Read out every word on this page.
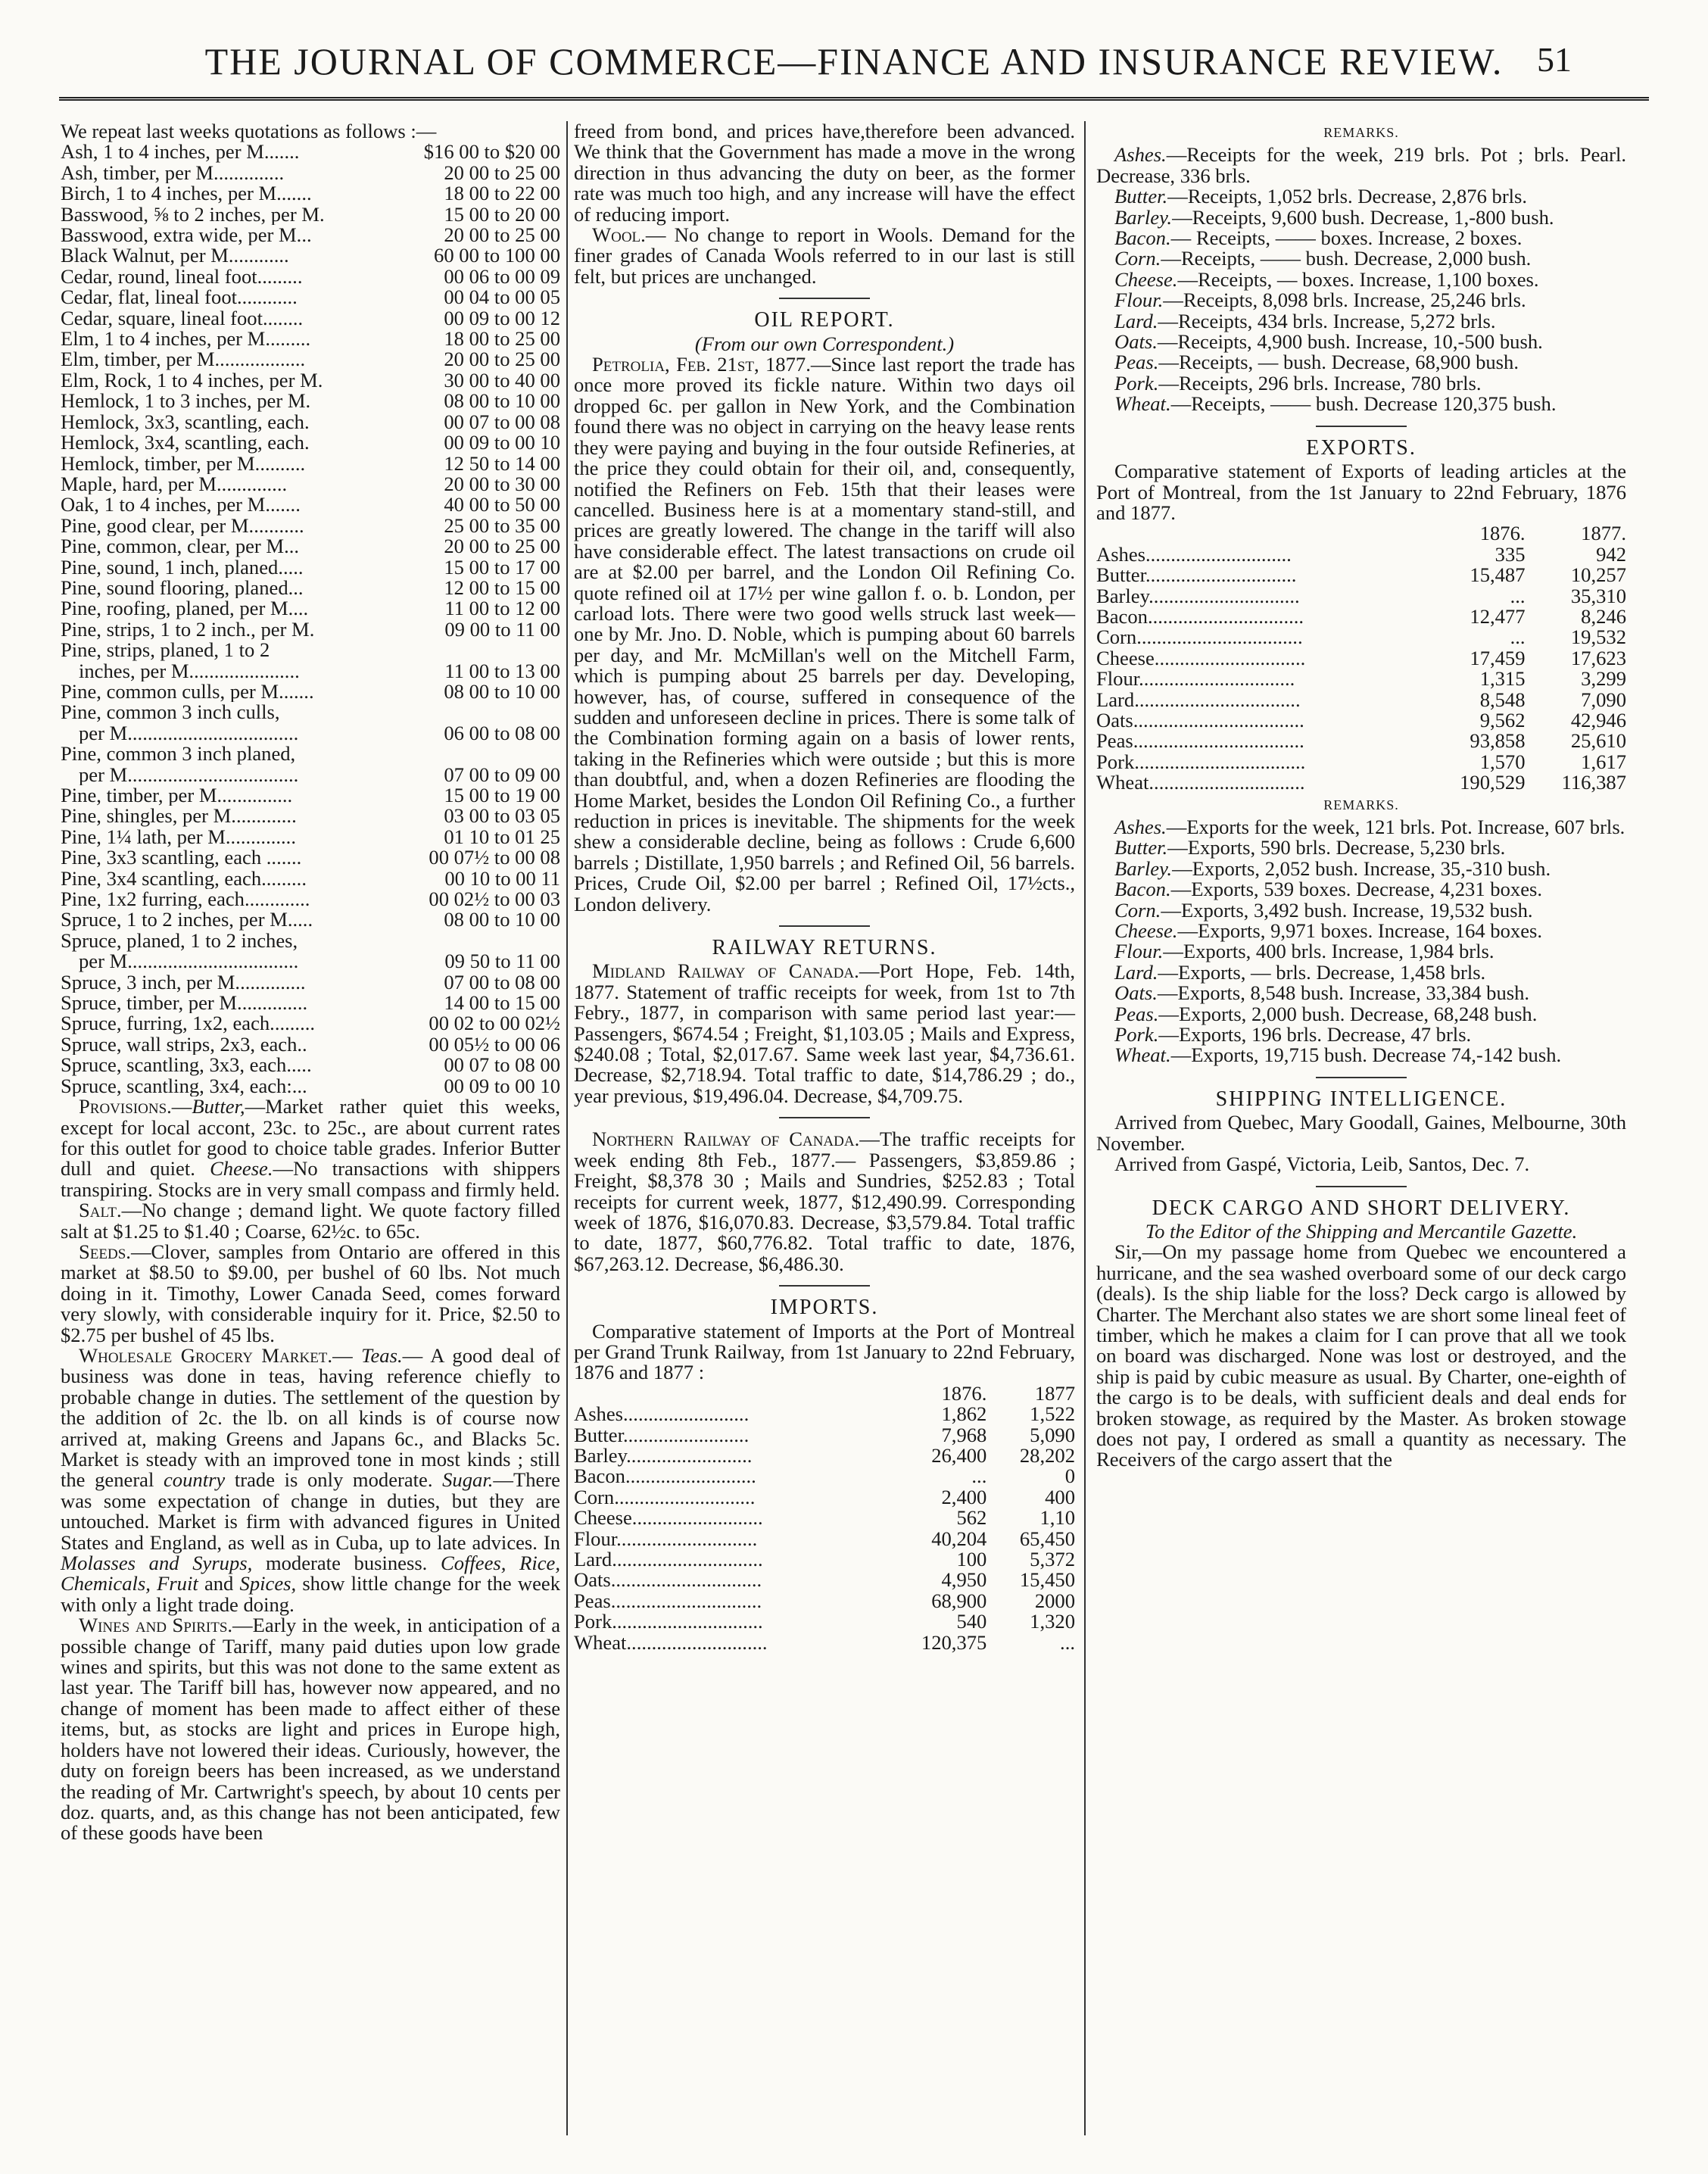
THE JOURNAL OF COMMERCE—FINANCE AND INSURANCE REVIEW. 51

We repeat last weeks quotations as follows :—

Ash, 1 to 4 inches, per M.......	$16 00 to $20 00
Ash, timber, per M..............	20 00 to 25 00
Birch, 1 to 4 inches, per M.......	18 00 to 22 00
Basswood, ⅝ to 2 inches, per M.	15 00 to 20 00
Basswood, extra wide, per M...	20 00 to 25 00
Black Walnut, per M............	60 00 to 100 00
Cedar, round, lineal foot.........	00 06 to 00 09
Cedar, flat, lineal foot............	00 04 to 00 05
Cedar, square, lineal foot........	00 09 to 00 12
Elm, 1 to 4 inches, per M.........	18 00 to 25 00
Elm, timber, per M..................	20 00 to 25 00
Elm, Rock, 1 to 4 inches, per M.	30 00 to 40 00
Hemlock, 1 to 3 inches, per M.	08 00 to 10 00
Hemlock, 3x3, scantling, each.	00 07 to 00 08
Hemlock, 3x4, scantling, each.	00 09 to 00 10
Hemlock, timber, per M..........	12 50 to 14 00
Maple, hard, per M..............	20 00 to 30 00
Oak, 1 to 4 inches, per M.......	40 00 to 50 00
Pine, good clear, per M...........	25 00 to 35 00
Pine, common, clear, per M...	20 00 to 25 00
Pine, sound, 1 inch, planed.....	15 00 to 17 00
Pine, sound flooring, planed...	12 00 to 15 00
Pine, roofing, planed, per M....	11 00 to 12 00
Pine, strips, 1 to 2 inch., per M.	09 00 to 11 00

Pine, strips, planed, 1 to 2

inches, per M......................	11 00 to 13 00
Pine, common culls, per M.......	08 00 to 10 00

Pine, common 3 inch culls,

per M..................................	06 00 to 08 00

Pine, common 3 inch planed,

per M..................................	07 00 to 09 00
Pine, timber, per M...............	15 00 to 19 00
Pine, shingles, per M.............	03 00 to 03 05
Pine, 1¼ lath, per M..............	01 10 to 01 25
Pine, 3x3 scantling, each .......	00 07½ to 00 08
Pine, 3x4 scantling, each.........	00 10 to 00 11
Pine, 1x2 furring, each.............	00 02½ to 00 03
Spruce, 1 to 2 inches, per M.....	08 00 to 10 00

Spruce, planed, 1 to 2 inches,

per M..................................	09 50 to 11 00
Spruce, 3 inch, per M..............	07 00 to 08 00
Spruce, timber, per M..............	14 00 to 15 00
Spruce, furring, 1x2, each.........	00 02 to 00 02½
Spruce, wall strips, 2x3, each..	00 05½ to 00 06
Spruce, scantling, 3x3, each.....	00 07 to 08 00
Spruce, scantling, 3x4, each:...	00 09 to 00 10

Provisions.—Butter,—Market rather quiet this weeks, except for local accont, 23c. to 25c., are about current rates for this outlet for good to choice table grades. Inferior Butter dull and quiet. Cheese.—No transactions with shippers transpiring. Stocks are in very small compass and firmly held.

Salt.—No change ; demand light. We quote factory filled salt at $1.25 to $1.40 ; Coarse, 62½c. to 65c.

Seeds.—Clover, samples from Ontario are offered in this market at $8.50 to $9.00, per bushel of 60 lbs. Not much doing in it. Timothy, Lower Canada Seed, comes forward very slowly, with considerable inquiry for it. Price, $2.50 to $2.75 per bushel of 45 lbs.

Wholesale Grocery Market.— Teas.— A good deal of business was done in teas, having reference chiefly to probable change in duties. The settlement of the question by the addition of 2c. the lb. on all kinds is of course now arrived at, making Greens and Japans 6c., and Blacks 5c. Market is steady with an improved tone in most kinds ; still the general country trade is only moderate. Sugar.—There was some expectation of change in duties, but they are untouched. Market is firm with advanced figures in United States and England, as well as in Cuba, up to late advices. In Molasses and Syrups, moderate business. Coffees, Rice, Chemicals, Fruit and Spices, show little change for the week with only a light trade doing.

Wines and Spirits.—Early in the week, in anticipation of a possible change of Tariff, many paid duties upon low grade wines and spirits, but this was not done to the same extent as last year. The Tariff bill has, however now appeared, and no change of moment has been made to affect either of these items, but, as stocks are light and prices in Europe high, holders have not lowered their ideas. Curiously, however, the duty on foreign beers has been increased, as we understand the reading of Mr. Cartwright's speech, by about 10 cents per doz. quarts, and, as this change has not been anticipated, few of these goods have been

freed from bond, and prices have,therefore been advanced. We think that the Government has made a move in the wrong direction in thus advancing the duty on beer, as the former rate was much too high, and any increase will have the effect of reducing import.

Wool.— No change to report in Wools. Demand for the finer grades of Canada Wools referred to in our last is still felt, but prices are unchanged.

OIL REPORT.
(From our own Correspondent.)

Petrolia, Feb. 21st, 1877.—Since last report the trade has once more proved its fickle nature. Within two days oil dropped 6c. per gallon in New York, and the Combination found there was no object in carrying on the heavy lease rents they were paying and buying in the four outside Refineries, at the price they could obtain for their oil, and, consequently, notified the Refiners on Feb. 15th that their leases were cancelled. Business here is at a momentary stand-still, and prices are greatly lowered. The change in the tariff will also have considerable effect. The latest transactions on crude oil are at $2.00 per barrel, and the London Oil Refining Co. quote refined oil at 17½ per wine gallon f. o. b. London, per carload lots. There were two good wells struck last week—one by Mr. Jno. D. Noble, which is pumping about 60 barrels per day, and Mr. McMillan's well on the Mitchell Farm, which is pumping about 25 barrels per day. Developing, however, has, of course, suffered in consequence of the sudden and unforeseen decline in prices. There is some talk of the Combination forming again on a basis of lower rents, taking in the Refineries which were outside ; but this is more than doubtful, and, when a dozen Refineries are flooding the Home Market, besides the London Oil Refining Co., a further reduction in prices is inevitable. The shipments for the week shew a considerable decline, being as follows : Crude 6,600 barrels ; Distillate, 1,950 barrels ; and Refined Oil, 56 barrels. Prices, Crude Oil, $2.00 per barrel ; Refined Oil, 17½cts., London delivery.

RAILWAY RETURNS.

Midland Railway of Canada.—Port Hope, Feb. 14th, 1877. Statement of traffic receipts for week, from 1st to 7th Febry., 1877, in comparison with same period last year:—Passengers, $674.54 ; Freight, $1,103.05 ; Mails and Express, $240.08 ; Total, $2,017.67. Same week last year, $4,736.61. Decrease, $2,718.94. Total traffic to date, $14,786.29 ; do., year previous, $19,496.04. Decrease, $4,709.75.

Northern Railway of Canada.—The traffic receipts for week ending 8th Feb., 1877.— Passengers, $3,859.86 ; Freight, $8,378 30 ; Mails and Sundries, $252.83 ; Total receipts for current week, 1877, $12,490.99. Corresponding week of 1876, $16,070.83. Decrease, $3,579.84. Total traffic to date, 1877, $60,776.82. Total traffic to date, 1876, $67,263.12. Decrease, $6,486.30.

IMPORTS.

Comparative statement of Imports at the Port of Montreal per Grand Trunk Railway, from 1st January to 22nd February, 1876 and 1877 :

	1876.	1877
Ashes.........................	1,862	1,522
Butter.........................	7,968	5,090
Barley.........................	26,400	28,202
Bacon..........................	...	0
Corn............................	2,400	400
Cheese..........................	562	1,10
Flour............................	40,204	65,450
Lard..............................	100	5,372
Oats..............................	4,950	15,450
Peas..............................	68,900	2000
Pork..............................	540	1,320
Wheat............................	120,375	...
REMARKS.

Ashes.—Receipts for the week, 219 brls. Pot ; brls. Pearl. Decrease, 336 brls.

Butter.—Receipts, 1,052 brls. Decrease, 2,876 brls.

Barley.—Receipts, 9,600 bush. Decrease, 1,-800 bush.

Bacon.— Receipts, —— boxes. Increase, 2 boxes.

Corn.—Receipts, —— bush. Decrease, 2,000 bush.

Cheese.—Receipts, — boxes. Increase, 1,100 boxes.

Flour.—Receipts, 8,098 brls. Increase, 25,246 brls.

Lard.—Receipts, 434 brls. Increase, 5,272 brls.

Oats.—Receipts, 4,900 bush. Increase, 10,-500 bush.

Peas.—Receipts, — bush. Decrease, 68,900 bush.

Pork.—Receipts, 296 brls. Increase, 780 brls.

Wheat.—Receipts, —— bush. Decrease 120,375 bush.

EXPORTS.

Comparative statement of Exports of leading articles at the Port of Montreal, from the 1st January to 22nd February, 1876 and 1877.

	1876.	1877.
Ashes.............................	335	942
Butter..............................	15,487	10,257
Barley..............................	...	35,310
Bacon...............................	12,477	8,246
Corn.................................	...	19,532
Cheese..............................	17,459	17,623
Flour...............................	1,315	3,299
Lard.................................	8,548	7,090
Oats..................................	9,562	42,946
Peas..................................	93,858	25,610
Pork..................................	1,570	1,617
Wheat...............................	190,529	116,387
REMARKS.

Ashes.—Exports for the week, 121 brls. Pot. Increase, 607 brls.

Butter.—Exports, 590 brls. Decrease, 5,230 brls.

Barley.—Exports, 2,052 bush. Increase, 35,-310 bush.

Bacon.—Exports, 539 boxes. Decrease, 4,231 boxes.

Corn.—Exports, 3,492 bush. Increase, 19,532 bush.

Cheese.—Exports, 9,971 boxes. Increase, 164 boxes.

Flour.—Exports, 400 brls. Increase, 1,984 brls.

Lard.—Exports, — brls. Decrease, 1,458 brls.

Oats.—Exports, 8,548 bush. Increase, 33,384 bush.

Peas.—Exports, 2,000 bush. Decrease, 68,248 bush.

Pork.—Exports, 196 brls. Decrease, 47 brls.

Wheat.—Exports, 19,715 bush. Decrease 74,-142 bush.

SHIPPING INTELLIGENCE.

Arrived from Quebec, Mary Goodall, Gaines, Melbourne, 30th November.

Arrived from Gaspé, Victoria, Leib, Santos, Dec. 7.

DECK CARGO AND SHORT DELIVERY.
To the Editor of the Shipping and Mercantile Gazette.

Sir,—On my passage home from Quebec we encountered a hurricane, and the sea washed overboard some of our deck cargo (deals). Is the ship liable for the loss? Deck cargo is allowed by Charter. The Merchant also states we are short some lineal feet of timber, which he makes a claim for I can prove that all we took on board was discharged. None was lost or destroyed, and the ship is paid by cubic measure as usual. By Charter, one-eighth of the cargo is to be deals, with sufficient deals and deal ends for broken stowage, as required by the Master. As broken stowage does not pay, I ordered as small a quantity as necessary. The Receivers of the cargo assert that the
